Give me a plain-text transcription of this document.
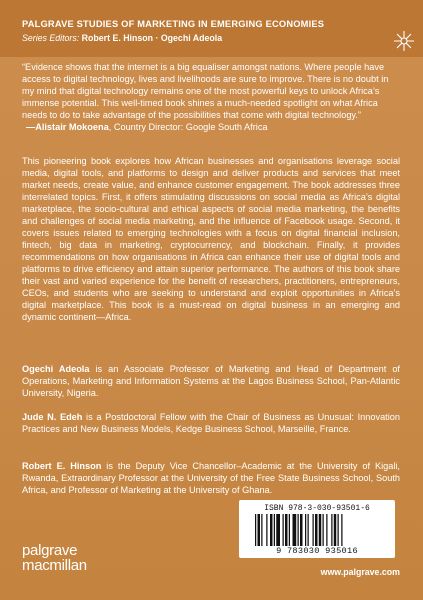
PALGRAVE STUDIES OF MARKETING IN EMERGING ECONOMIES
Series Editors: Robert E. Hinson · Ogechi Adeola
“Evidence shows that the internet is a big equaliser amongst nations. Where people have access to digital technology, lives and livelihoods are sure to improve. There is no doubt in my mind that digital technology remains one of the most powerful keys to unlock Africa’s immense potential. This well-timed book shines a much-needed spotlight on what Africa needs to do to take advantage of the possibilities that come with digital technology.”
—Alistair Mokoena, Country Director: Google South Africa
This pioneering book explores how African businesses and organisations leverage social media, digital tools, and platforms to design and deliver products and services that meet market needs, create value, and enhance customer engagement. The book addresses three interrelated topics. First, it offers stimulating discussions on social media as Africa’s digital marketplace, the socio-cultural and ethical aspects of social media marketing, the benefits and challenges of social media marketing, and the influence of Facebook usage. Second, it covers issues related to emerging technologies with a focus on digital financial inclusion, fintech, big data in marketing, cryptocurrency, and blockchain. Finally, it provides recommendations on how organisations in Africa can enhance their use of digital tools and platforms to drive efficiency and attain superior performance. The authors of this book share their vast and varied experience for the benefit of researchers, practitioners, entrepreneurs, CEOs, and students who are seeking to understand and exploit opportunities in Africa’s digital marketplace. This book is a must-read on digital business in an emerging and dynamic continent—Africa.
Ogechi Adeola is an Associate Professor of Marketing and Head of Department of Operations, Marketing and Information Systems at the Lagos Business School, Pan-Atlantic University, Nigeria.
Jude N. Edeh is a Postdoctoral Fellow with the Chair of Business as Unusual: Innovation Practices and New Business Models, Kedge Business School, Marseille, France.
Robert E. Hinson is the Deputy Vice Chancellor–Academic at the University of Kigali, Rwanda, Extraordinary Professor at the University of the Free State Business School, South Africa, and Professor of Marketing at the University of Ghana.
ISBN 978-3-030-93501-6
9 783030 935016
palgrave
macmillan	www.palgrave.com
